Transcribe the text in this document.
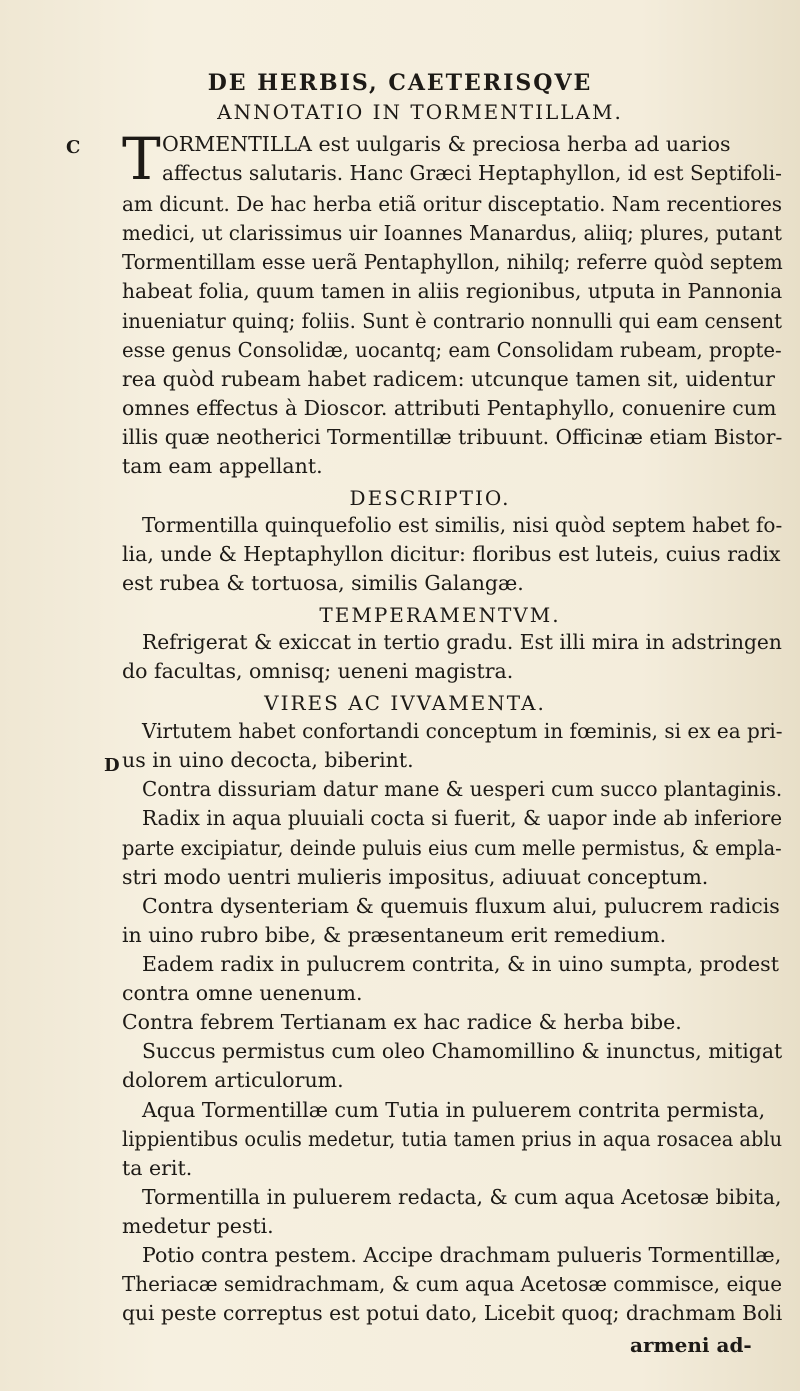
DE HERBIS, CAETERISQVE
C
D
ANNOTATIO IN TORMENTILLAM.
T ORMENTILLA est uulgaris & preciosa herba ad uarios
affectus salutaris. Hanc Græci Heptaphyllon, id est Septifoli-
am dicunt. De hac herba etiã oritur disceptatio. Nam recentiores
medici, ut clarissimus uir Ioannes Manardus, aliiq; plures, putant
Tormentillam esse uerã Pentaphyllon, nihilq; referre quòd septem
habeat folia, quum tamen in aliis regionibus, utputa in Pannonia
inueniatur quinq; foliis. Sunt è contrario nonnulli qui eam censent
esse genus Consolidæ, uocantq; eam Consolidam rubeam, propte-
rea quòd rubeam habet radicem: utcunque tamen sit, uidentur
omnes effectus à Dioscor. attributi Pentaphyllo, conuenire cum
illis quæ neotherici Tormentillæ tribuunt. Officinæ etiam Bistor-
tam eam appellant.
DESCRIPTIO.
Tormentilla quinquefolio est similis, nisi quòd septem habet fo-
lia, unde & Heptaphyllon dicitur: floribus est luteis, cuius radix
est rubea & tortuosa, similis Galangæ.
TEMPERAMENTVM.
Refrigerat & exiccat in tertio gradu. Est illi mira in adstringen
do facultas, omnisq; ueneni magistra.
VIRES AC IVVAMENTA.
Virtutem habet confortandi conceptum in fœminis, si ex ea pri-
us in uino decocta, biberint.
Contra dissuriam datur mane & uesperi cum succo plantaginis.
Radix in aqua pluuiali cocta si fuerit, & uapor inde ab inferiore
parte excipiatur, deinde puluis eius cum melle permistus, & empla-
stri modo uentri mulieris impositus, adiuuat conceptum.
Contra dysenteriam & quemuis fluxum alui, pulucrem radicis
in uino rubro bibe, & præsentaneum erit remedium.
Eadem radix in pulucrem contrita, & in uino sumpta, prodest
contra omne uenenum.
Contra febrem Tertianam ex hac radice & herba bibe.
Succus permistus cum oleo Chamomillino & inunctus, mitigat
dolorem articulorum.
Aqua Tormentillæ cum Tutia in puluerem contrita permista,
lippientibus oculis medetur, tutia tamen prius in aqua rosacea ablu
ta erit.
Tormentilla in puluerem redacta, & cum aqua Acetosæ bibita,
medetur pesti.
Potio contra pestem. Accipe drachmam pulueris Tormentillæ,
Theriacæ semidrachmam, & cum aqua Acetosæ commisce, eique
qui peste correptus est potui dato, Licebit quoq; drachmam Boli
armeni ad-
